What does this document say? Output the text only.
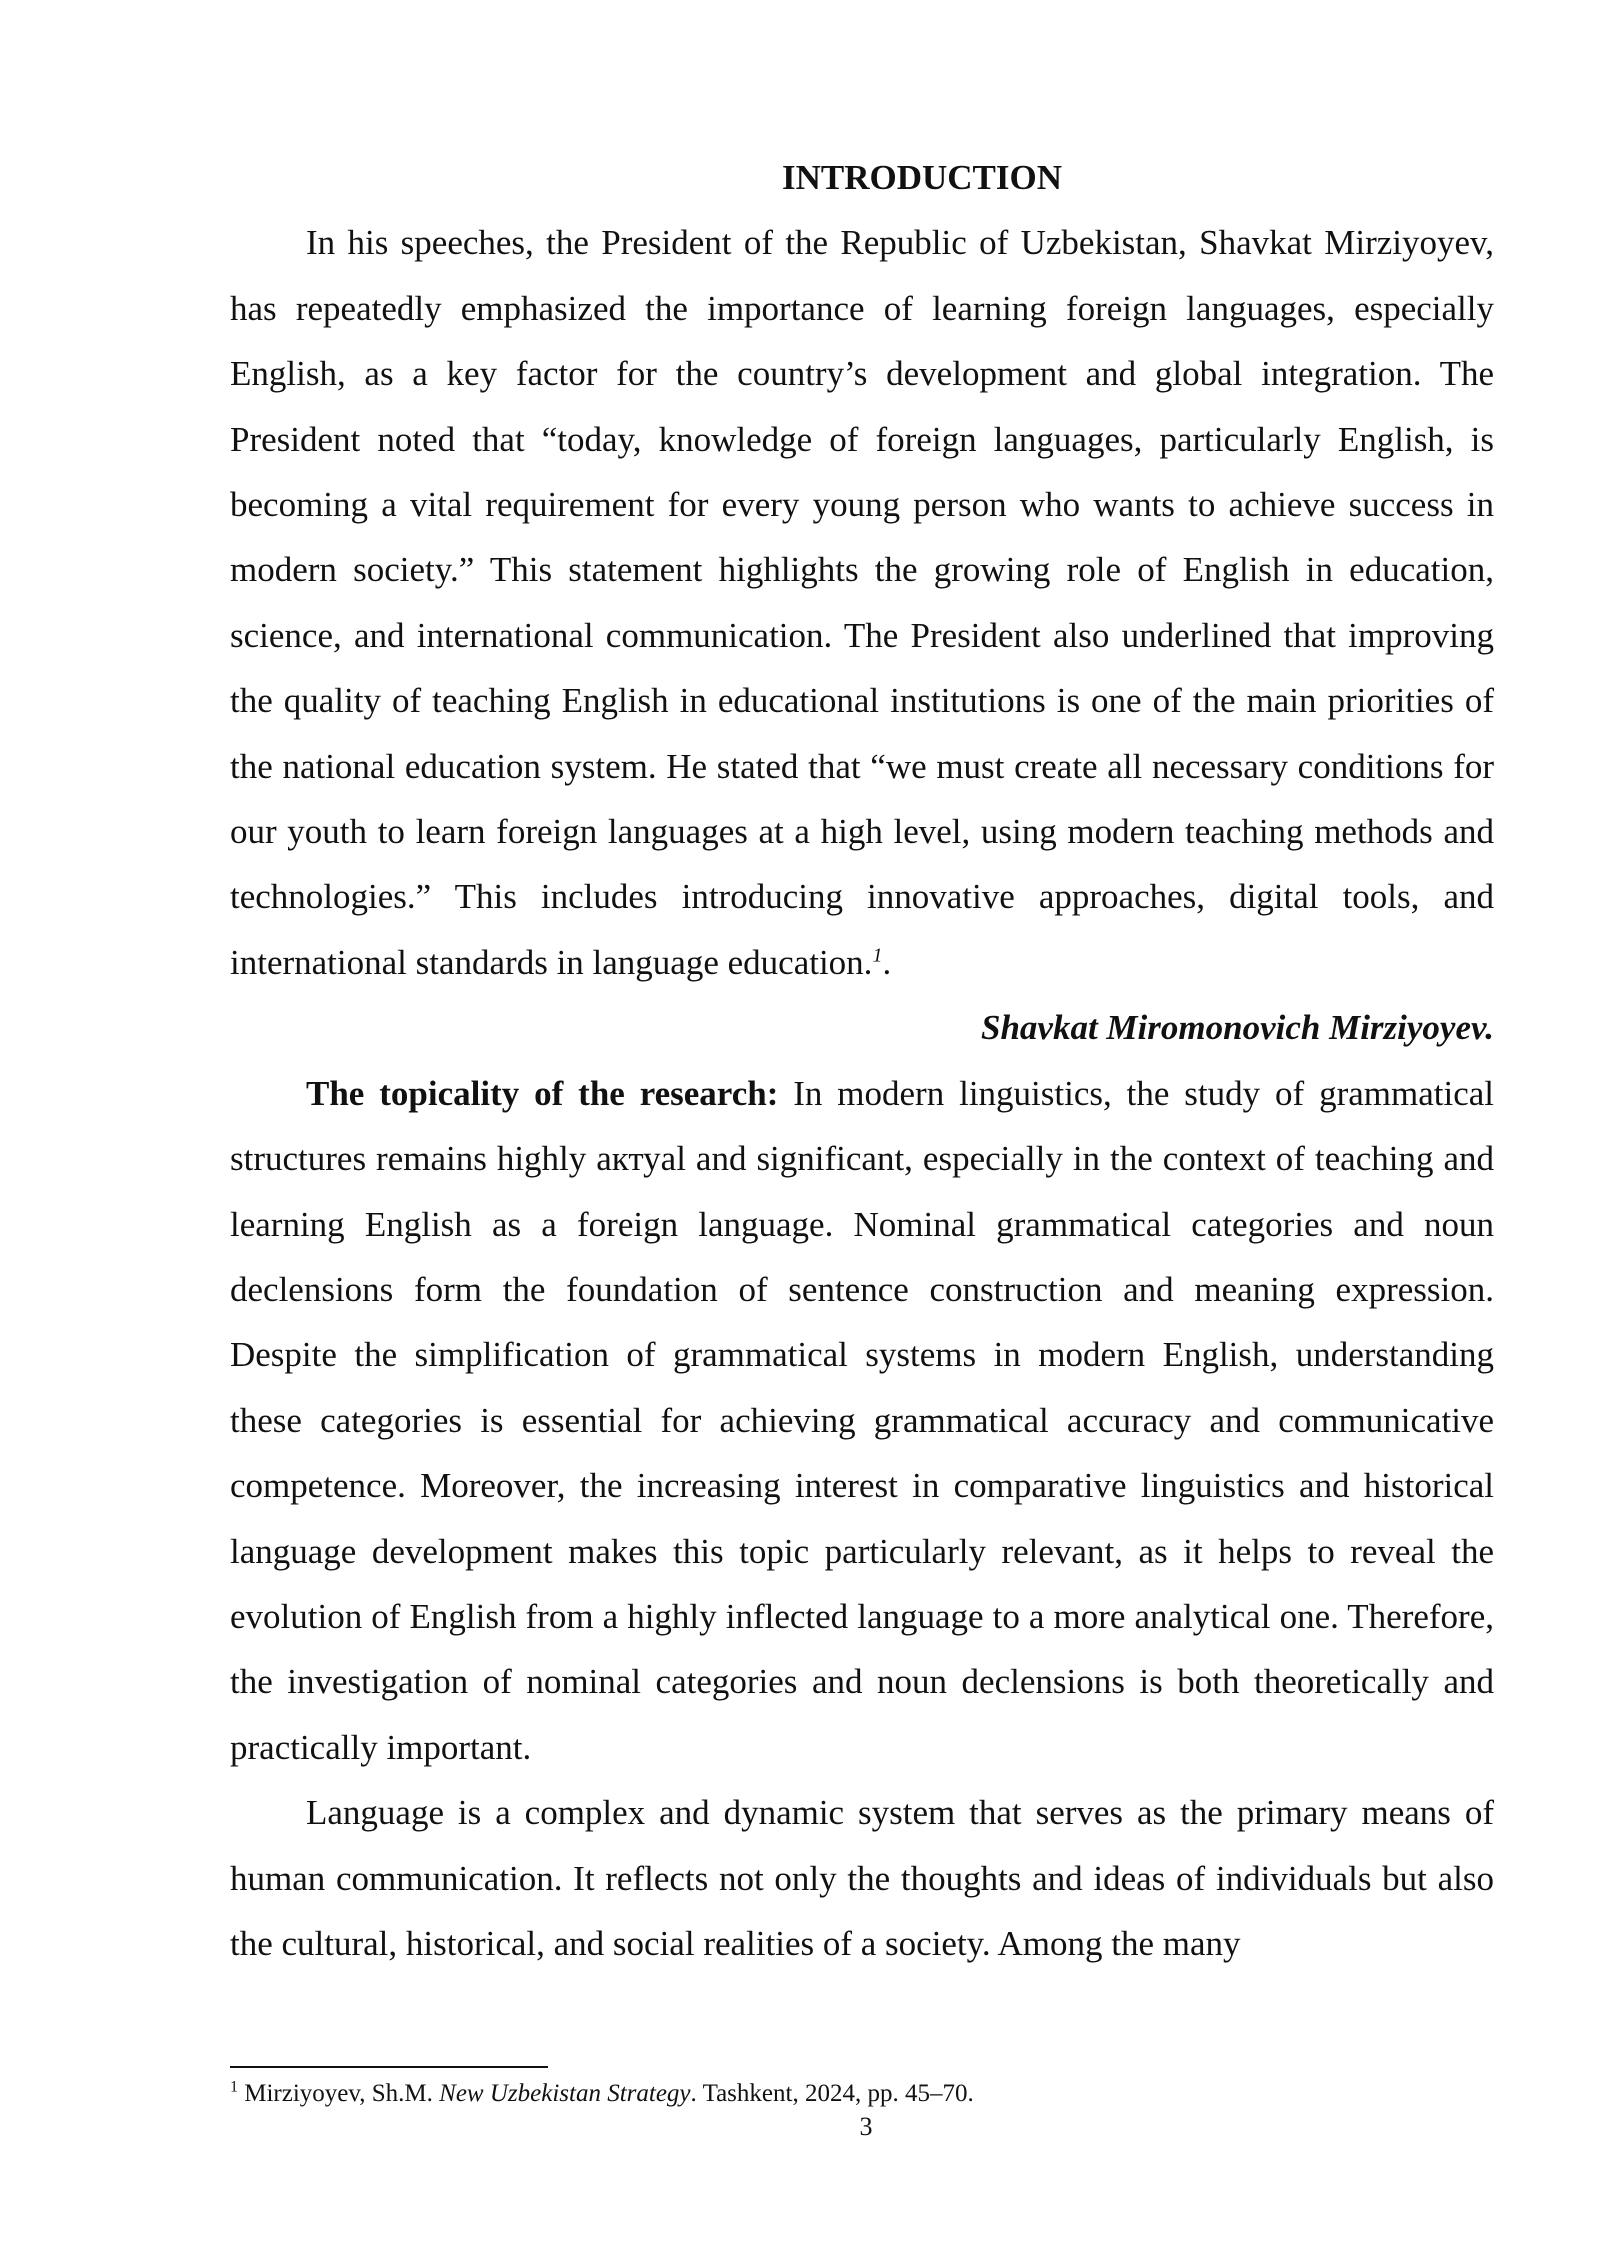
INTRODUCTION

In his speeches, the President of the Republic of Uzbekistan, Shavkat Mirziyoyev, has repeatedly emphasized the importance of learning foreign languages, especially English, as a key factor for the country’s development and global integration. The President noted that “today, knowledge of foreign languages, particularly English, is becoming a vital requirement for every young person who wants to achieve success in modern society.” This statement highlights the growing role of English in education, science, and international communication. The President also underlined that improving the quality of teaching English in educational institutions is one of the main priorities of the national education system. He stated that “we must create all necessary conditions for our youth to learn foreign languages at a high level, using modern teaching methods and technologies.” This includes introducing innovative approaches, digital tools, and international standards in language education.$^1$.

Shavkat Miromonovich Mirziyoyev.

The topicality of the research: In modern linguistics, the study of grammatical structures remains highly актуal and significant, especially in the context of teaching and learning English as a foreign language. Nominal grammatical categories and noun declensions form the foundation of sentence construction and meaning expression. Despite the simplification of grammatical systems in modern English, understanding these categories is essential for achieving grammatical accuracy and communicative competence. Moreover, the increasing interest in comparative linguistics and historical language development makes this topic particularly relevant, as it helps to reveal the evolution of English from a highly inflected language to a more analytical one. Therefore, the investigation of nominal categories and noun declensions is both theoretically and practically important.

Language is a complex and dynamic system that serves as the primary means of human communication. It reflects not only the thoughts and ideas of individuals but also the cultural, historical, and social realities of a society. Among the many

$^1$ Mirziyoyev, Sh.M. New Uzbekistan Strategy. Tashkent, 2024, pp. 45–70.
3
